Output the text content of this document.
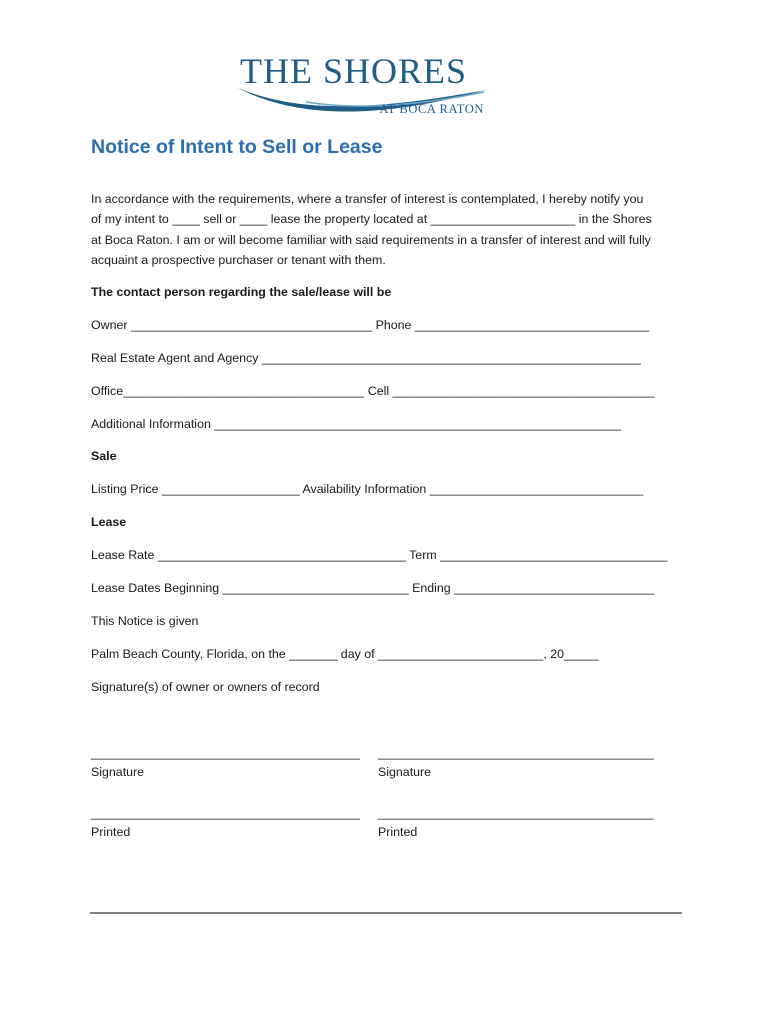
THE SHORES
AT BOCA RATON
Notice of Intent to Sell or Lease
In accordance with the requirements, where a transfer of interest is contemplated, I hereby notify you
of my intent to ____ sell or ____ lease the property located at _____________________ in the Shores
at Boca Raton. I am or will become familiar with said requirements in a transfer of interest and will fully
acquaint a prospective purchaser or tenant with them.
The contact person regarding the sale/lease will be
Owner ___________________________________ Phone __________________________________
Real Estate Agent and Agency _______________________________________________________
Office___________________________________ Cell ______________________________________
Additional Information ___________________________________________________________
Sale
Listing Price ____________________ Availability Information _______________________________
Lease
Lease Rate ____________________________________ Term _________________________________
Lease Dates Beginning ___________________________ Ending _____________________________
This Notice is given
Palm Beach County, Florida, on the _______ day of ________________________, 20_____
Signature(s) of owner or owners of record
_______________________________________ ________________________________________
Signature	Signature
_______________________________________ ________________________________________
Printed	Printed
